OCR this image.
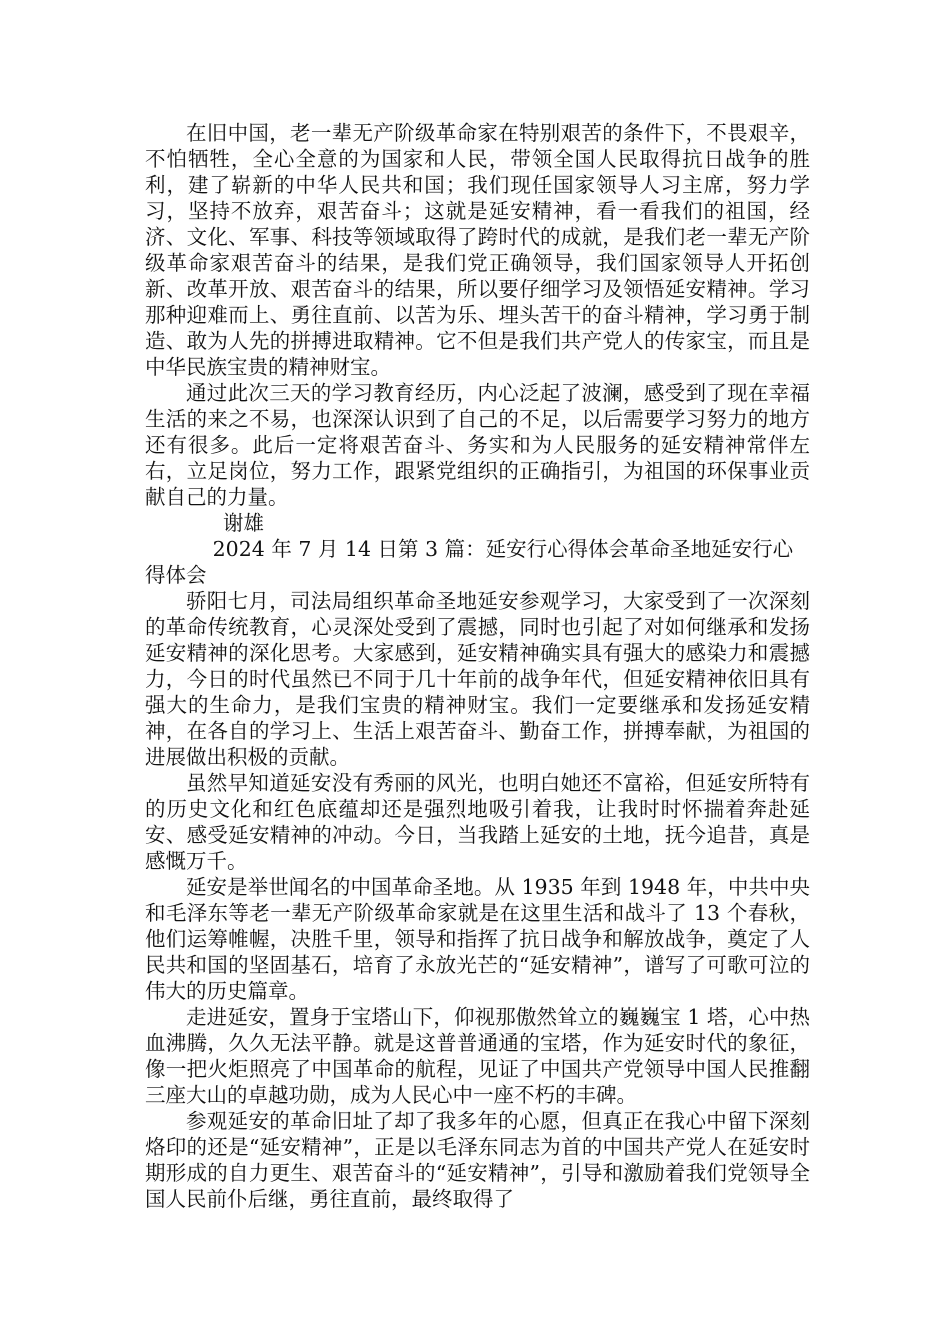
在旧中国，老一辈无产阶级革命家在特别艰苦的条件下，不畏艰辛，不怕牺牲，全心全意的为国家和人民，带领全国人民取得抗日战争的胜利，建了崭新的中华人民共和国；我们现任国家领导人习主席，努力学习，坚持不放弃，艰苦奋斗；这就是延安精神，看一看我们的祖国，经济、文化、军事、科技等领域取得了跨时代的成就，是我们老一辈无产阶级革命家艰苦奋斗的结果，是我们党正确领导，我们国家领导人开拓创新、改革开放、艰苦奋斗的结果，所以要仔细学习及领悟延安精神。学习那种迎难而上、勇往直前、以苦为乐、埋头苦干的奋斗精神，学习勇于制造、敢为人先的拼搏进取精神。它不但是我们共产党人的传家宝，而且是中华民族宝贵的精神财宝。

通过此次三天的学习教育经历，内心泛起了波澜，感受到了现在幸福生活的来之不易，也深深认识到了自己的不足，以后需要学习努力的地方还有很多。此后一定将艰苦奋斗、务实和为人民服务的延安精神常伴左右，立足岗位，努力工作，跟紧党组织的正确指引，为祖国的环保事业贡献自己的力量。

谢雄

2024 年 7 月 14 日第 3 篇：延安行心得体会革命圣地延安行心得体会

骄阳七月，司法局组织革命圣地延安参观学习，大家受到了一次深刻的革命传统教育，心灵深处受到了震撼，同时也引起了对如何继承和发扬延安精神的深化思考。大家感到，延安精神确实具有强大的感染力和震撼力，今日的时代虽然已不同于几十年前的战争年代，但延安精神依旧具有强大的生命力，是我们宝贵的精神财宝。我们一定要继承和发扬延安精神，在各自的学习上、生活上艰苦奋斗、勤奋工作，拼搏奉献，为祖国的进展做出积极的贡献。

虽然早知道延安没有秀丽的风光，也明白她还不富裕，但延安所特有的历史文化和红色底蕴却还是强烈地吸引着我，让我时时怀揣着奔赴延安、感受延安精神的冲动。今日，当我踏上延安的土地，抚今追昔，真是感慨万千。

延安是举世闻名的中国革命圣地。从 1935 年到 1948 年，中共中央和毛泽东等老一辈无产阶级革命家就是在这里生活和战斗了 13 个春秋，他们运筹帷幄，决胜千里，领导和指挥了抗日战争和解放战争，奠定了人民共和国的坚固基石，培育了永放光芒的“延安精神”，谱写了可歌可泣的伟大的历史篇章。

走进延安，置身于宝塔山下，仰视那傲然耸立的巍巍宝 1 塔，心中热血沸腾，久久无法平静。就是这普普通通的宝塔，作为延安时代的象征，像一把火炬照亮了中国革命的航程，见证了中国共产党领导中国人民推翻三座大山的卓越功勋，成为人民心中一座不朽的丰碑。

参观延安的革命旧址了却了我多年的心愿，但真正在我心中留下深刻烙印的还是“延安精神”，正是以毛泽东同志为首的中国共产党人在延安时期形成的自力更生、艰苦奋斗的“延安精神”，引导和激励着我们党领导全国人民前仆后继，勇往直前，最终取得了
